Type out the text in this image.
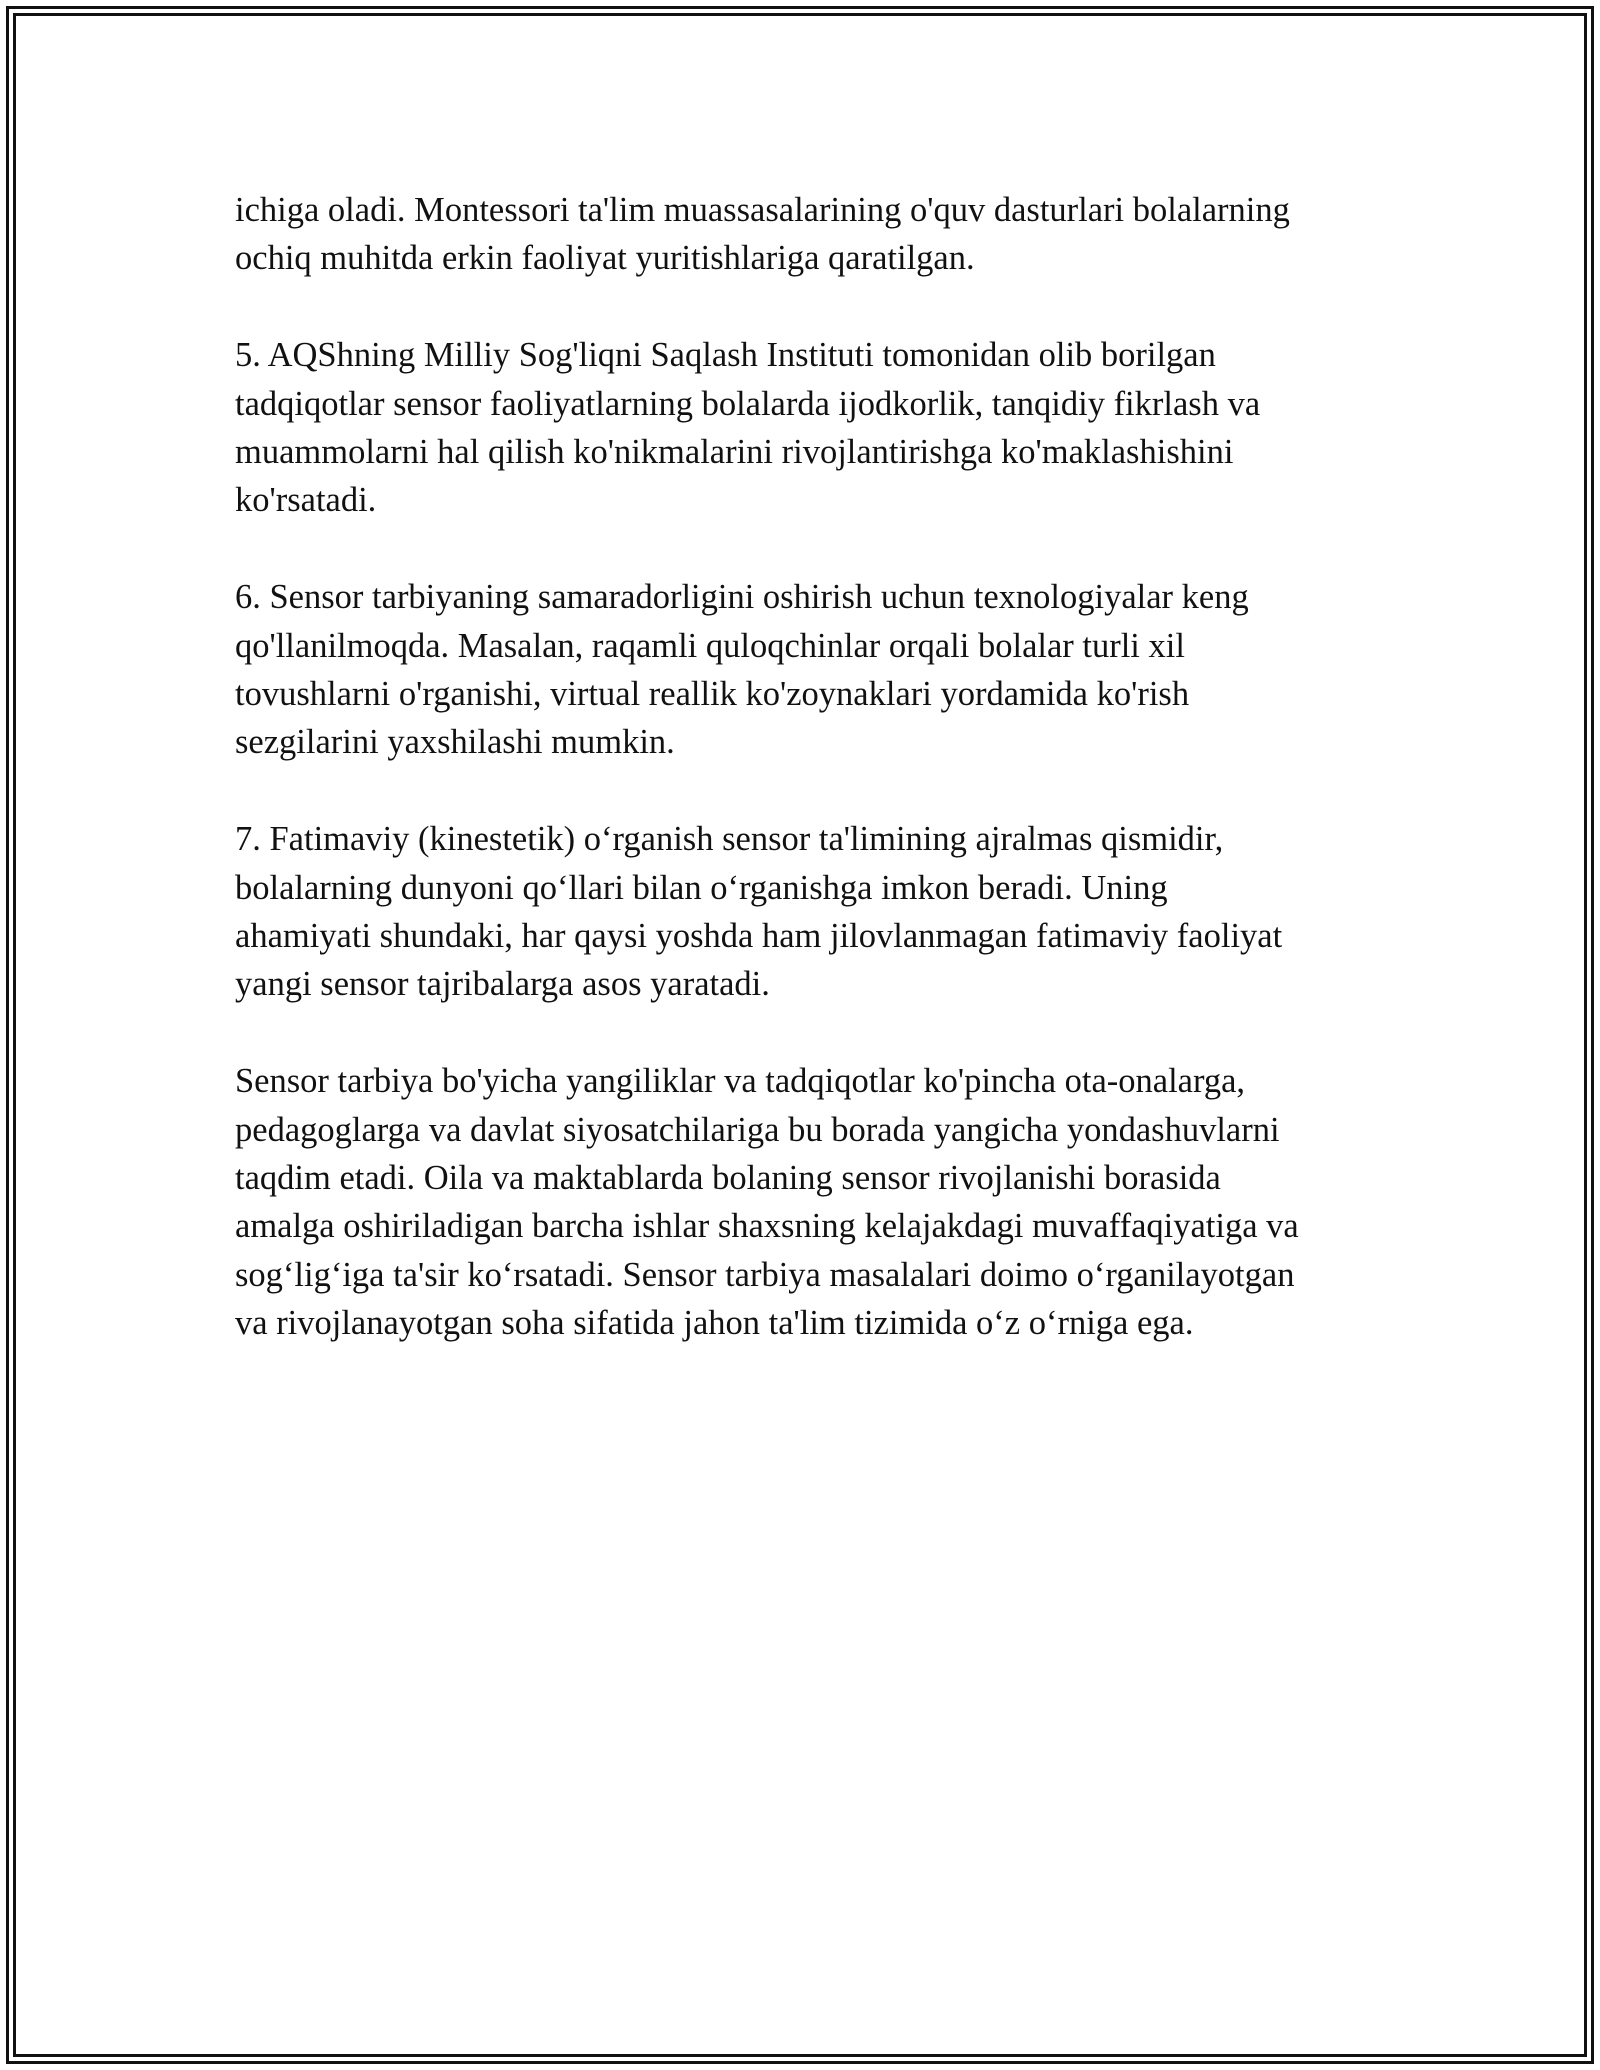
ichiga oladi. Montessori ta'lim muassasalarining o'quv dasturlari bolalarning
ochiq muhitda erkin faoliyat yuritishlariga qaratilgan.

5. AQShning Milliy Sog'liqni Saqlash Instituti tomonidan olib borilgan
tadqiqotlar sensor faoliyatlarning bolalarda ijodkorlik, tanqidiy fikrlash va
muammolarni hal qilish ko'nikmalarini rivojlantirishga ko'maklashishini
ko'rsatadi.

6. Sensor tarbiyaning samaradorligini oshirish uchun texnologiyalar keng
qo'llanilmoqda. Masalan, raqamli quloqchinlar orqali bolalar turli xil
tovushlarni o'rganishi, virtual reallik ko'zoynaklari yordamida ko'rish
sezgilarini yaxshilashi mumkin.

7. Fatimaviy (kinestetik) o‘rganish sensor ta'limining ajralmas qismidir,
bolalarning dunyoni qo‘llari bilan o‘rganishga imkon beradi. Uning
ahamiyati shundaki, har qaysi yoshda ham jilovlanmagan fatimaviy faoliyat
yangi sensor tajribalarga asos yaratadi.

Sensor tarbiya bo'yicha yangiliklar va tadqiqotlar ko'pincha ota-onalarga,
pedagoglarga va davlat siyosatchilariga bu borada yangicha yondashuvlarni
taqdim etadi. Oila va maktablarda bolaning sensor rivojlanishi borasida
amalga oshiriladigan barcha ishlar shaxsning kelajakdagi muvaffaqiyatiga va
sog‘lig‘iga ta'sir ko‘rsatadi. Sensor tarbiya masalalari doimo o‘rganilayotgan
va rivojlanayotgan soha sifatida jahon ta'lim tizimida o‘z o‘rniga ega.
